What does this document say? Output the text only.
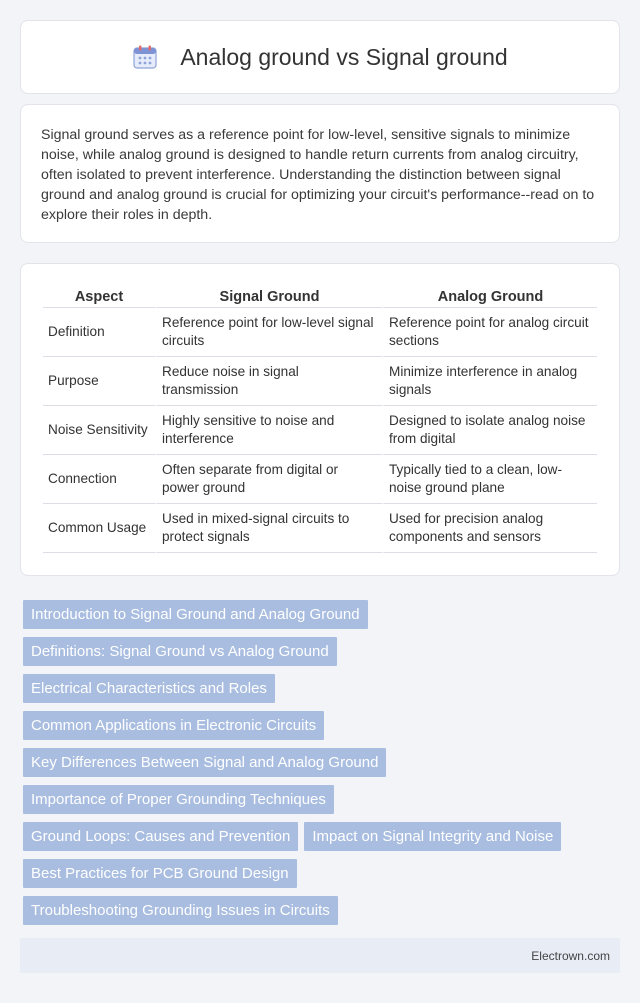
Analog ground vs Signal ground

Signal ground serves as a reference point for low-level, sensitive signals to minimize noise, while analog ground is designed to handle return currents from analog circuitry, often isolated to prevent interference. Understanding the distinction between signal ground and analog ground is crucial for optimizing your circuit's performance--read on to explore their roles in depth.

Aspect	Signal Ground	Analog Ground
Definition	Reference point for low-level signal circuits	Reference point for analog circuit sections
Purpose	Reduce noise in signal transmission	Minimize interference in analog signals
Noise Sensitivity	Highly sensitive to noise and interference	Designed to isolate analog noise from digital
Connection	Often separate from digital or power ground	Typically tied to a clean, low-noise ground plane
Common Usage	Used in mixed-signal circuits to protect signals	Used for precision analog components and sensors
Introduction to Signal Ground and Analog Ground
Definitions: Signal Ground vs Analog Ground
Electrical Characteristics and Roles
Common Applications in Electronic Circuits
Key Differences Between Signal and Analog Ground
Importance of Proper Grounding Techniques
Ground Loops: Causes and Prevention Impact on Signal Integrity and Noise
Best Practices for PCB Ground Design
Troubleshooting Grounding Issues in Circuits
Electrown.com
